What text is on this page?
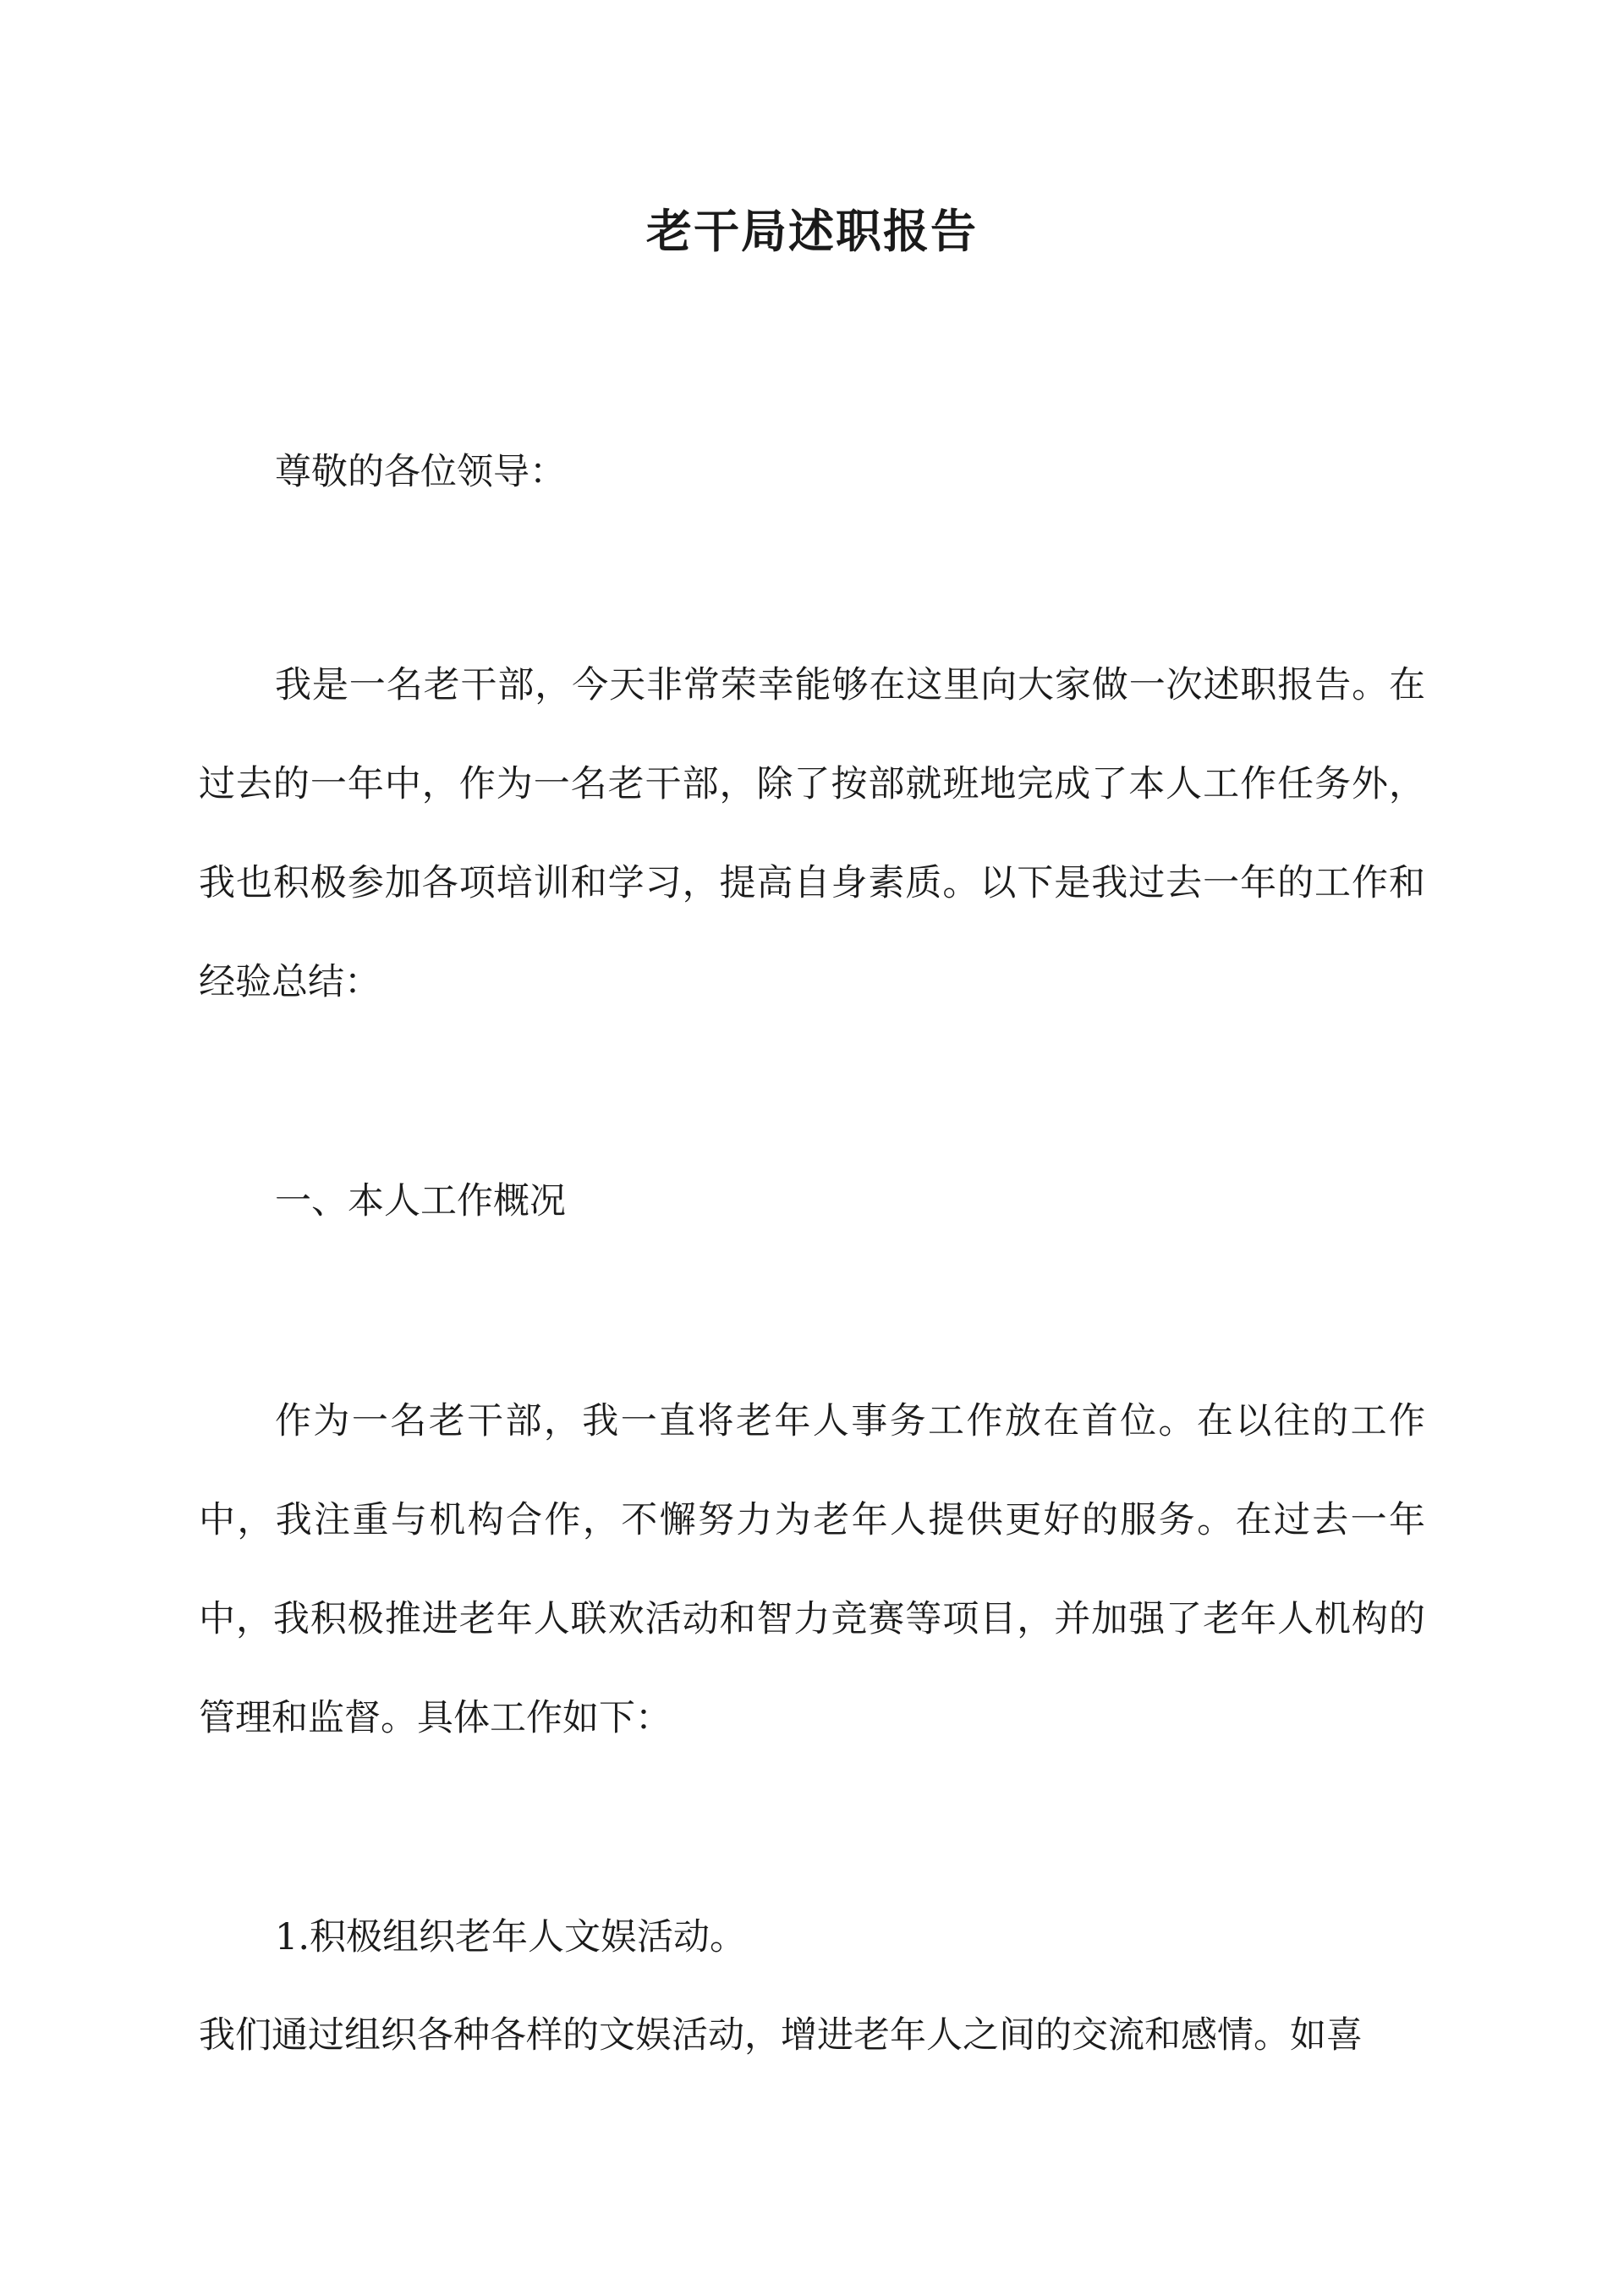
老干局述职报告

尊敬的各位领导：

我是一名老干部，今天非常荣幸能够在这里向大家做一次述职报告。在过去的一年中，作为一名老干部，除了按部就班地完成了本人工作任务外，我也积极参加各项培训和学习，提高自身素质。以下是我过去一年的工作和经验总结：

一、本人工作概况

作为一名老干部，我一直将老年人事务工作放在首位。在以往的工作中，我注重与机构合作，不懈努力为老年人提供更好的服务。在过去一年中，我积极推进老年人联欢活动和智力竞赛等项目，并加强了老年人机构的管理和监督。具体工作如下：

1.积极组织老年人文娱活动。

我们通过组织各种各样的文娱活动，增进老年人之间的交流和感情。如喜
